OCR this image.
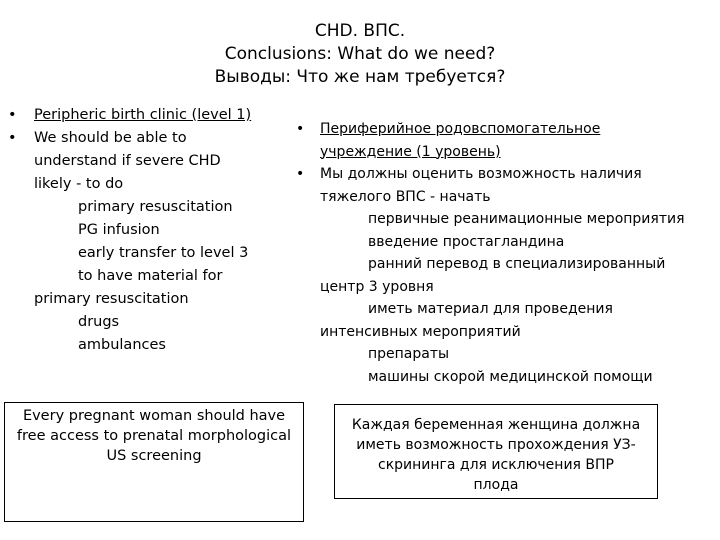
CHD. ВПС.
Conclusions: What do we need?
Выводы: Что же нам требуется?
• Peripheric birth clinic (level 1)
• We should be able to
understand if severe CHD
likely - to do
primary resuscitation
PG infusion
early transfer to level 3
to have material for
primary resuscitation
drugs
ambulances
• Периферийное родовспомогательное
учреждение (1 уровень)
• Мы должны оценить возможность наличия
тяжелого ВПС - начать
первичные реанимационные мероприятия
введение простагландина
ранний перевод в специализированный
центр 3 уровня
иметь материал для проведения
интенсивных мероприятий
препараты
машины скорой медицинской помощи
Every pregnant woman should have
free access to prenatal morphological
US screening
Каждая беременная женщина должна
иметь возможность прохождения УЗ-
скрининга для исключения ВПР
плода
